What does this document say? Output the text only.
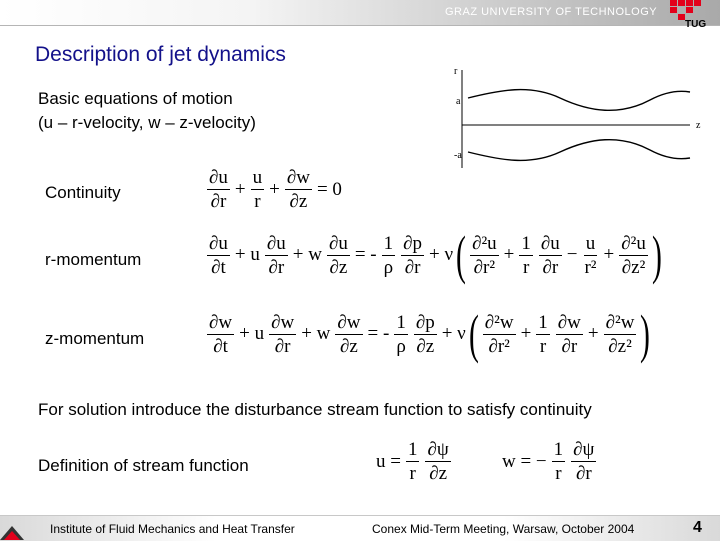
GRAZ UNIVERSITY OF TECHNOLOGY
TUG
Description of jet dynamics
Basic equations of motion
(u – r-velocity, w – z-velocity)
r
a
-a
z
Continuity
r-momentum
z-momentum
$\frac{\partial u}{\partial r} + \frac{u}{r} + \frac{\partial w}{\partial z} = 0$
$\frac{\partial u}{\partial t} + u \frac{\partial u}{\partial r} + w \frac{\partial u}{\partial z}$ = - $\frac{1}{\rho} \frac{\partial p}{\partial r} + \nu$ ( $\frac{\text{∂²u}}{\text{∂r²}} + \frac{1}{r} \frac{\partial u}{\partial r} - \frac{u}{\text{r²}} + \frac{\text{∂²u}}{\text{∂z²}}$ )
$\frac{\partial w}{\partial t} + u \frac{\partial w}{\partial r} + w \frac{\partial w}{\partial z}$ = - $\frac{1}{\rho} \frac{\partial p}{\partial z} + \nu$ ( $\frac{\text{∂²w}}{\text{∂r²}} + \frac{1}{r} \frac{\partial w}{\partial r} + \frac{\text{∂²w}}{\text{∂z²}}$ )
For solution introduce the disturbance stream function to satisfy continuity
Definition of stream function	$u = \frac{1}{r} \frac{\partial\psi}{\partial z}$	w = − $\frac{1}{r} \frac{\partial\psi}{\partial r}$
Institute of Fluid Mechanics and Heat Transfer	Conex Mid-Term Meeting, Warsaw, October 2004	4
